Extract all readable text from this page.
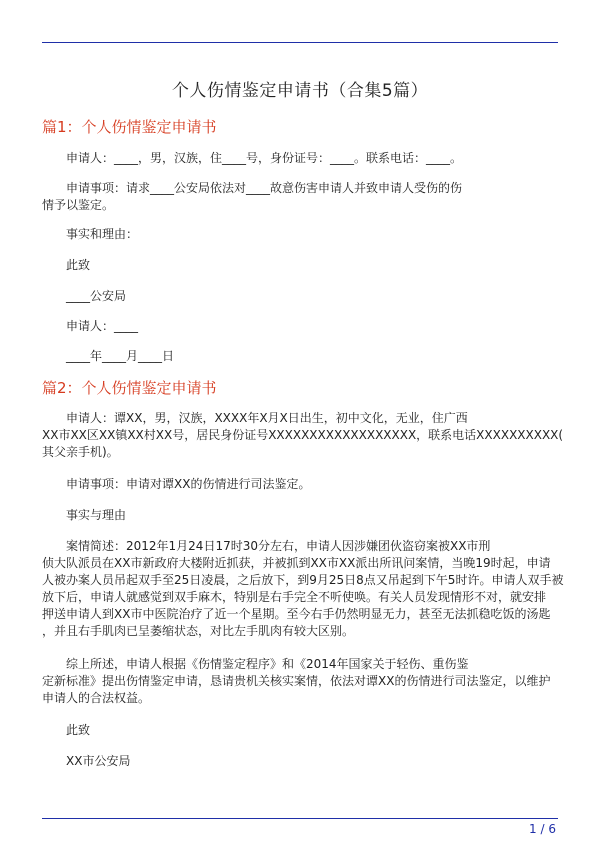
个人伤情鉴定申请书（合集5篇）
篇1：个人伤情鉴定申请书

申请人：____，男，汉族，住____号，身份证号：____。联系电话：____。

申请事项：请求____公安局依法对____故意伤害申请人并致申请人受伤的伤
情予以鉴定。

事实和理由：

此致

____公安局

申请人：____

____年____月____日

篇2：个人伤情鉴定申请书

申请人：谭XX，男，汉族，XXXX年X月X日出生，初中文化，无业，住广西
XX市XX区XX镇XX村XX号，居民身份证号XXXXXXXXXXXXXXXXXX，联系电话XXXXXXXXXX(
其父亲手机)。

申请事项：申请对谭XX的伤情进行司法鉴定。

事实与理由

案情简述：2012年1月24日17时30分左右，申请人因涉嫌团伙盗窃案被XX市刑
侦大队派员在XX市新政府大楼附近抓获，并被抓到XX市XX派出所讯问案情，当晚19时起，申请
人被办案人员吊起双手至25日凌晨，之后放下，到9月25日8点又吊起到下午5时许。申请人双手被
放下后，申请人就感觉到双手麻木，特别是右手完全不听使唤。有关人员发现情形不对，就安排
押送申请人到XX市中医院治疗了近一个星期。至今右手仍然明显无力，甚至无法抓稳吃饭的汤匙
，并且右手肌肉已呈萎缩状态，对比左手肌肉有较大区别。

综上所述，申请人根据《伤情鉴定程序》和《2014年国家关于轻伤、重伤鉴
定新标准》提出伤情鉴定申请，恳请贵机关核实案情，依法对谭XX的伤情进行司法鉴定，以维护
申请人的合法权益。

此致

XX市公安局

1 / 6
